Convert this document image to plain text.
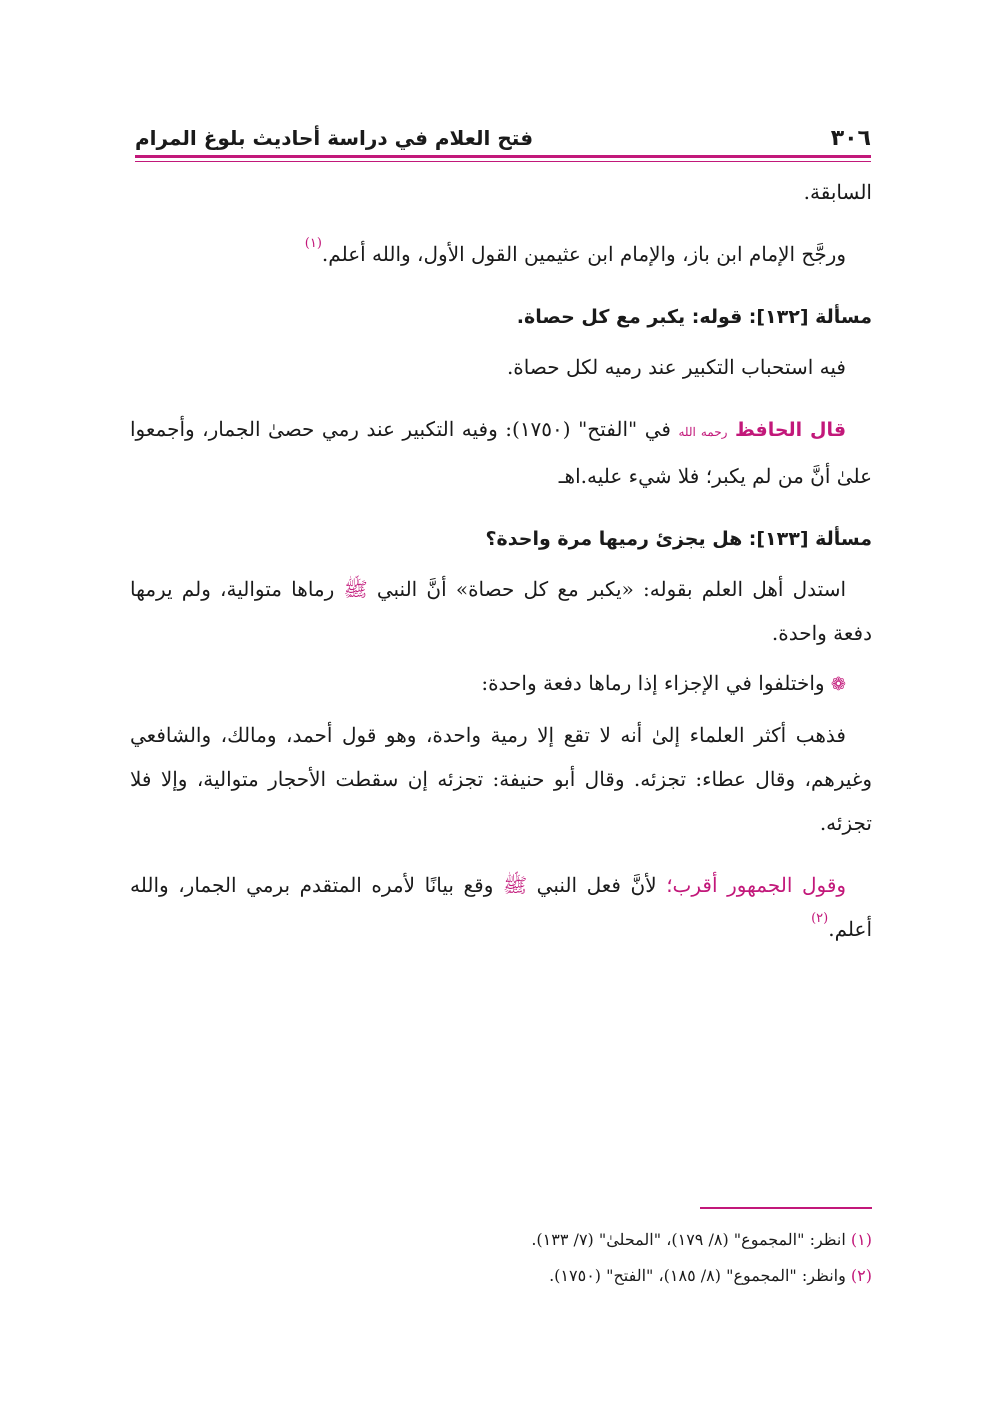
٣٠٦
فتح العلام في دراسة أحاديث بلوغ المرام

السابقة.

ورجَّح الإمام ابن باز، والإمام ابن عثيمين القول الأول، والله أعلم.$^{(١)}$

مسألة [١٣٢]: قوله: يكبر مع كل حصاة.

فيه استحباب التكبير عند رميه لكل حصاة.

قال الحافظ رحمه الله في "الفتح" (١٧٥٠): وفيه التكبير عند رمي حصىٰ الجمار، وأجمعوا علىٰ أنَّ من لم يكبر؛ فلا شيء عليه.اهـ

مسألة [١٣٣]: هل يجزئ رميها مرة واحدة؟

استدل أهل العلم بقوله: «يكبر مع كل حصاة» أنَّ النبي ﷺ رماها متوالية، ولم يرمها دفعة واحدة.

❁ واختلفوا في الإجزاء إذا رماها دفعة واحدة:

فذهب أكثر العلماء إلىٰ أنه لا تقع إلا رمية واحدة، وهو قول أحمد، ومالك، والشافعي وغيرهم، وقال عطاء: تجزئه. وقال أبو حنيفة: تجزئه إن سقطت الأحجار متوالية، وإلا فلا تجزئه.

وقول الجمهور أقرب؛ لأنَّ فعل النبي ﷺ وقع بيانًا لأمره المتقدم برمي الجمار، والله أعلم.$^{(٢)}$

(١) انظر: "المجموع" (٨/ ١٧٩)، "المحلىٰ" (٧/ ١٣٣).
(٢) وانظر: "المجموع" (٨/ ١٨٥)، "الفتح" (١٧٥٠).
